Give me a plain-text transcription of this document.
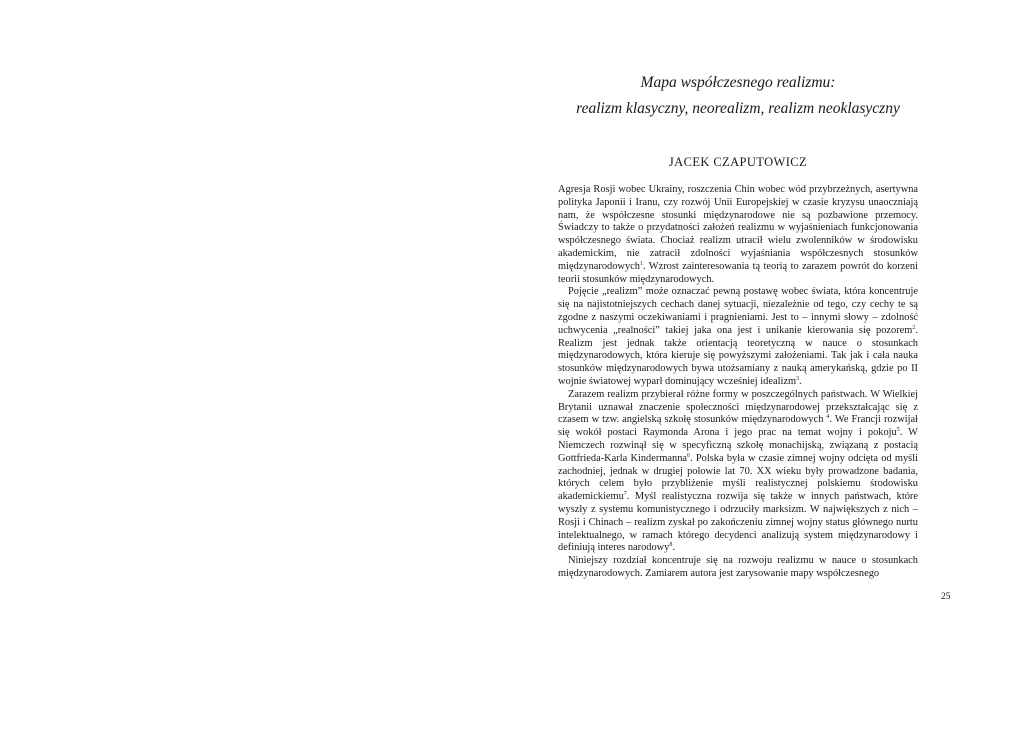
Mapa współczesnego realizmu:
realizm klasyczny, neorealizm, realizm neoklasyczny
JACEK CZAPUTOWICZ

Agresja Rosji wobec Ukrainy, roszczenia Chin wobec wód przybrzeżnych, asertywna polityka Japonii i Iranu, czy rozwój Unii Europejskiej w czasie kryzysu unaoczniają nam, że współczesne stosunki międzynarodowe nie są pozbawione przemocy. Świadczy to także o przydatności założeń realizmu w wyjaśnieniach funkcjonowania współczesnego świata. Chociaż realizm utracił wielu zwolenników w środowisku akademickim, nie zatracił zdolności wyjaśniania współczesnych stosunków międzynarodowych$^1$. Wzrost zainteresowania tą teorią to zarazem powrót do korzeni teorii stosunków międzynarodowych.

Pojęcie „realizm” może oznaczać pewną postawę wobec świata, która koncentruje się na najistotniejszych cechach danej sytuacji, niezależnie od tego, czy cechy te są zgodne z naszymi oczekiwaniami i pragnieniami. Jest to – innymi słowy – zdolność uchwycenia „realności” takiej jaka ona jest i unikanie kierowania się pozorem$^2$. Realizm jest jednak także orientacją teoretyczną w nauce o stosunkach międzynarodowych, która kieruje się powyższymi założeniami. Tak jak i cała nauka stosunków międzynarodowych bywa utożsamiany z nauką amerykańską, gdzie po II wojnie światowej wyparł dominujący wcześniej idealizm$^3$.

Zarazem realizm przybierał różne formy w poszczególnych państwach. W Wielkiej Brytanii uznawał znaczenie społeczności międzynarodowej przekształcając się z czasem w tzw. angielską szkołę stosunków międzynarodowych $^4$. We Francji rozwijał się wokół postaci Raymonda Arona i jego prac na temat wojny i pokoju$^5$. W Niemczech rozwinął się w specyficzną szkołę monachijską, związaną z postacią Gottfrieda-Karla Kindermanna$^6$. Polska była w czasie zimnej wojny odcięta od myśli zachodniej, jednak w drugiej połowie lat 70. XX wieku były prowadzone badania, których celem było przybliżenie myśli realistycznej polskiemu środowisku akademickiemu$^7$. Myśl realistyczna rozwija się także w innych państwach, które wyszły z systemu komunistycznego i odrzuciły marksizm. W największych z nich – Rosji i Chinach – realizm zyskał po zakończeniu zimnej wojny status głównego nurtu intelektualnego, w ramach którego decydenci analizują system międzynarodowy i definiują interes narodowy$^8$.

Niniejszy rozdział koncentruje się na rozwoju realizmu w nauce o stosunkach międzynarodowych. Zamiarem autora jest zarysowanie mapy współczesnego

25
